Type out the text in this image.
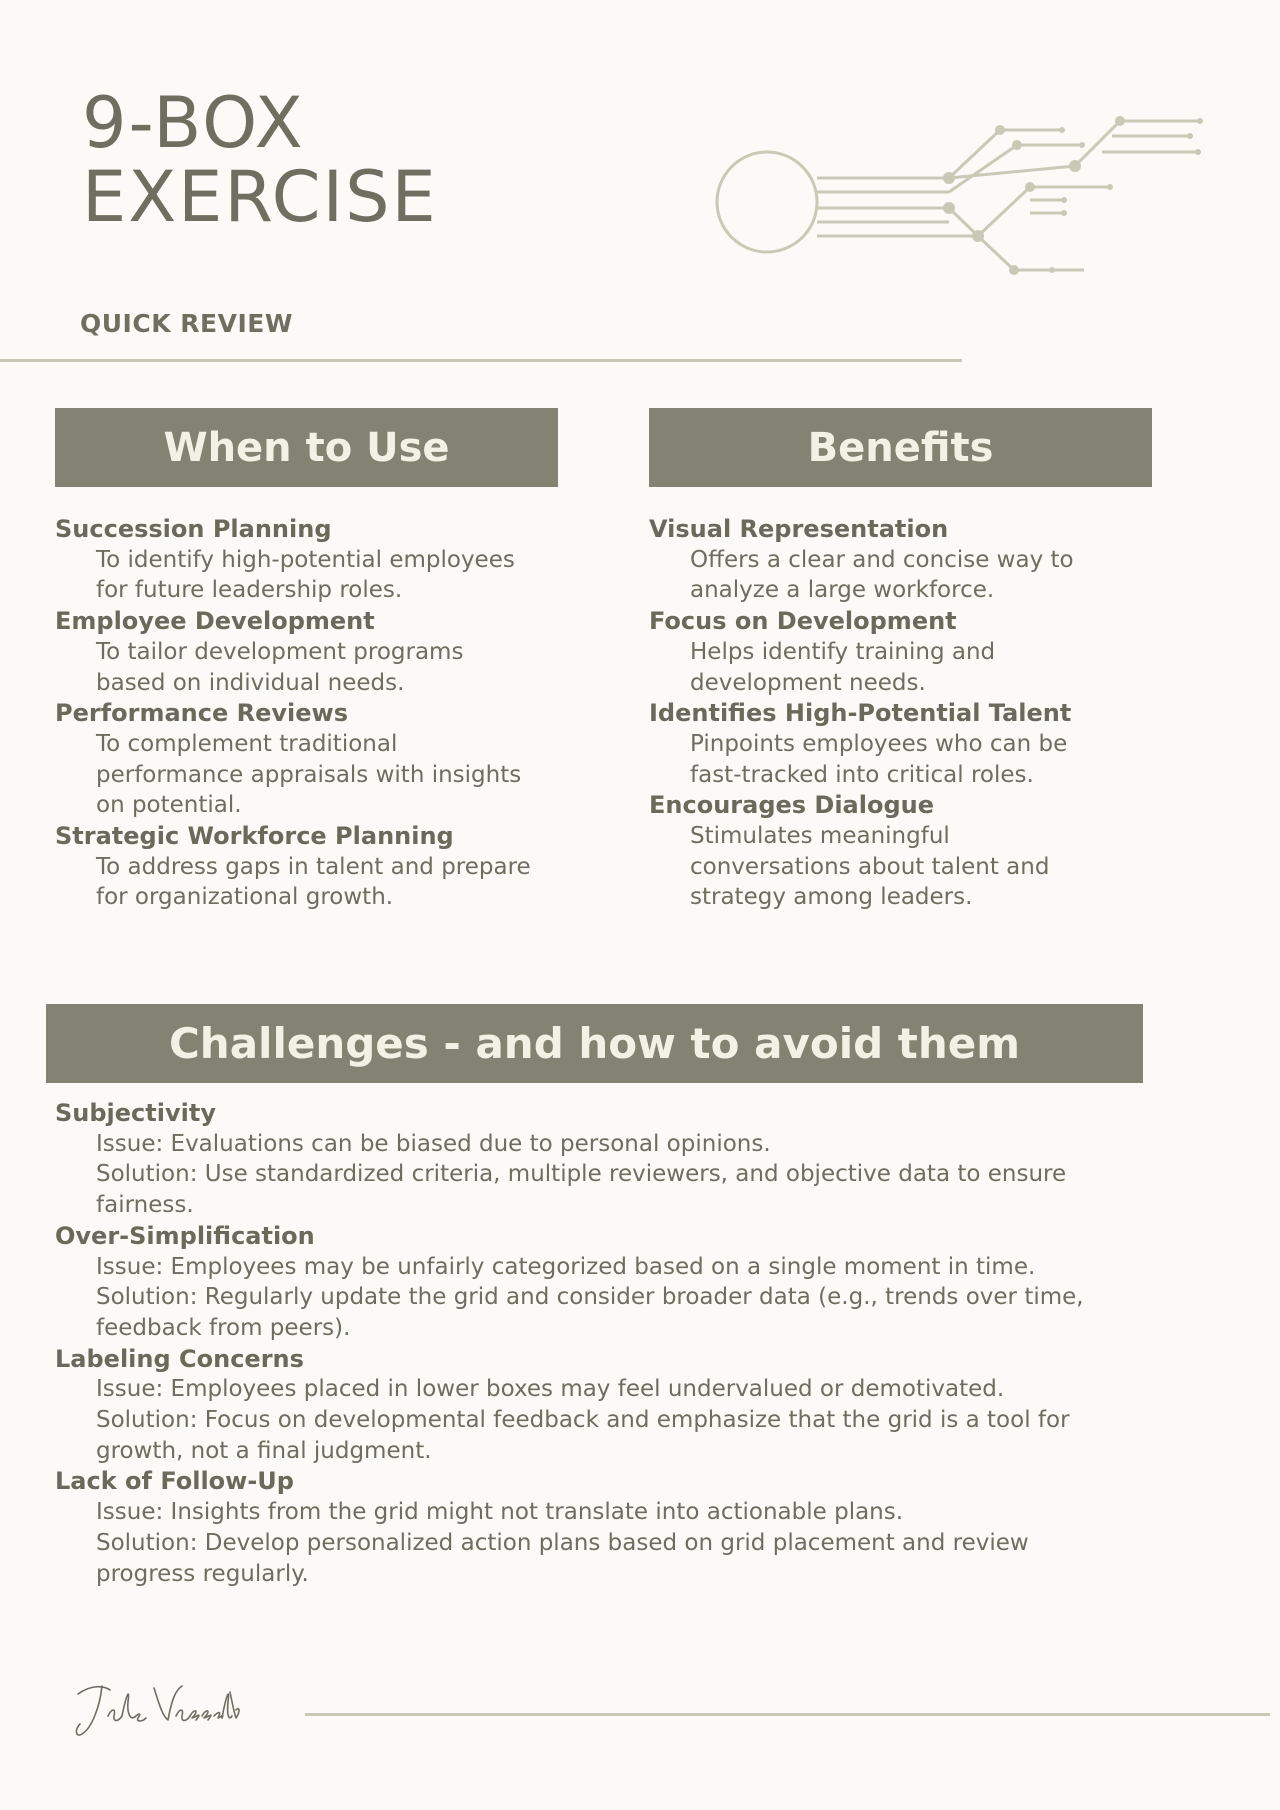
9-BOX
EXERCISE
QUICK REVIEW
When to Use	Benefits
Succession Planning
To identify high-potential employees
for future leadership roles.
Employee Development
To tailor development programs
based on individual needs.
Performance Reviews
To complement traditional
performance appraisals with insights
on potential.
Strategic Workforce Planning
To address gaps in talent and prepare
for organizational growth.
Visual Representation
Offers a clear and concise way to
analyze a large workforce.
Focus on Development
Helps identify training and
development needs.
Identifies High-Potential Talent
Pinpoints employees who can be
fast-tracked into critical roles.
Encourages Dialogue
Stimulates meaningful
conversations about talent and
strategy among leaders.
Challenges - and how to avoid them
Subjectivity
Issue: Evaluations can be biased due to personal opinions.
Solution: Use standardized criteria, multiple reviewers, and objective data to ensure
fairness.
Over-Simplification
Issue: Employees may be unfairly categorized based on a single moment in time.
Solution: Regularly update the grid and consider broader data (e.g., trends over time,
feedback from peers).
Labeling Concerns
Issue: Employees placed in lower boxes may feel undervalued or demotivated.
Solution: Focus on developmental feedback and emphasize that the grid is a tool for
growth, not a final judgment.
Lack of Follow-Up
Issue: Insights from the grid might not translate into actionable plans.
Solution: Develop personalized action plans based on grid placement and review
progress regularly.
